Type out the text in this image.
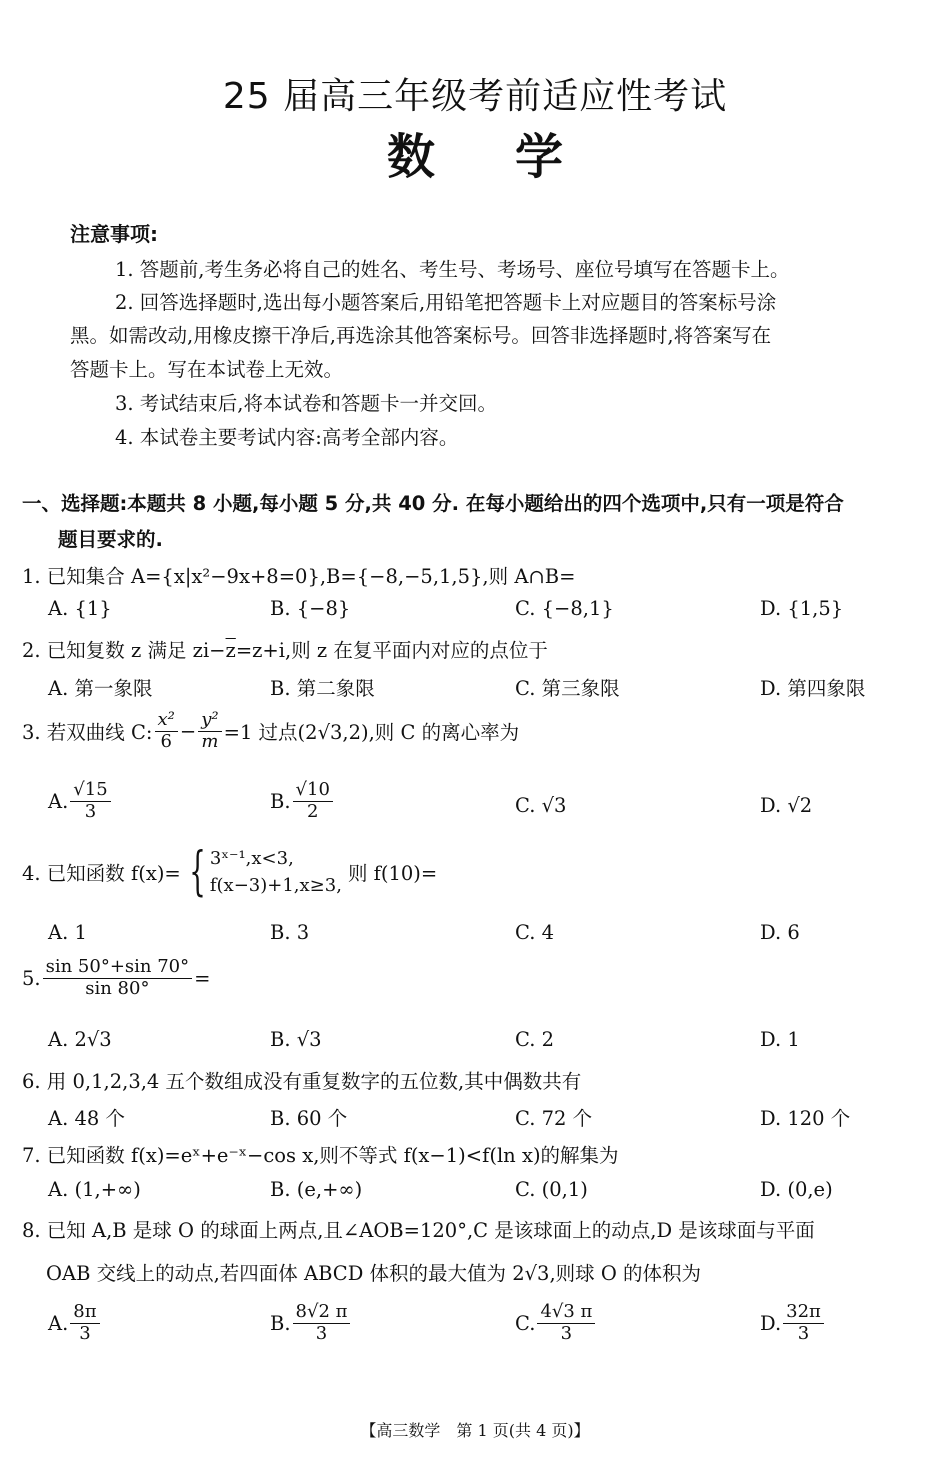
25 届高三年级考前适应性考试
数学
注意事项:
1. 答题前,考生务必将自己的姓名、考生号、考场号、座位号填写在答题卡上。
2. 回答选择题时,选出每小题答案后,用铅笔把答题卡上对应题目的答案标号涂
黑。如需改动,用橡皮擦干净后,再选涂其他答案标号。回答非选择题时,将答案写在
答题卡上。写在本试卷上无效。
3. 考试结束后,将本试卷和答题卡一并交回。
4. 本试卷主要考试内容:高考全部内容。
一、选择题:本题共 8 小题,每小题 5 分,共 40 分. 在每小题给出的四个选项中,只有一项是符合
题目要求的.
1. 已知集合 A={x|x²−9x+8=0},B={−8,−5,1,5},则 A∩B=
A. {1}	B. {−8}	C. {−8,1}	D. {1,5}
2. 已知复数 z 满足 $zi-\overline{z}=z+i$,则 z 在复平面内对应的点位于
A. 第一象限	B. 第二象限	C. 第三象限	D. 第四象限
3. 若双曲线 C: $\frac{\text{x²}}{6} - \frac{\text{y²}}{m} =1$ 过点(2√3,2),则 C 的离心率为
A. $\frac{√15}{3}$	B. $\frac{√10}{2}$	C. √3	D. √2
4. 已知函数 f(x)= { 3ˣ⁻¹,x<3,
f(x−3)+1,x≥3,
则 f(10)=
A. 1	B. 3	C. 4	D. 6
5. $\frac{\sin 50^\circ+\sin 70^\circ}{\sin 80^\circ}$ =
A. 2√3	B. √3	C. 2	D. 1
6. 用 0,1,2,3,4 五个数组成没有重复数字的五位数,其中偶数共有
A. 48 个	B. 60 个	C. 72 个	D. 120 个
7. 已知函数 f(x)=eˣ+e⁻ˣ−cos x,则不等式 f(x−1)<f(ln x)的解集为
A. (1,+∞)	B. (e,+∞)	C. (0,1)	D. (0,e)
8. 已知 A,B 是球 O 的球面上两点,且∠AOB=120°,C 是该球面上的动点,D 是该球面与平面
OAB 交线上的动点,若四面体 ABCD 体积的最大值为 2√3,则球 O 的体积为
A. $\frac{8\pi}{3}$	B. $\frac{8√2 \pi}{3}$	C. $\frac{4√3 \pi}{3}$	D. $\frac{32\pi}{3}$
【高三数学　第 1 页(共 4 页)】
